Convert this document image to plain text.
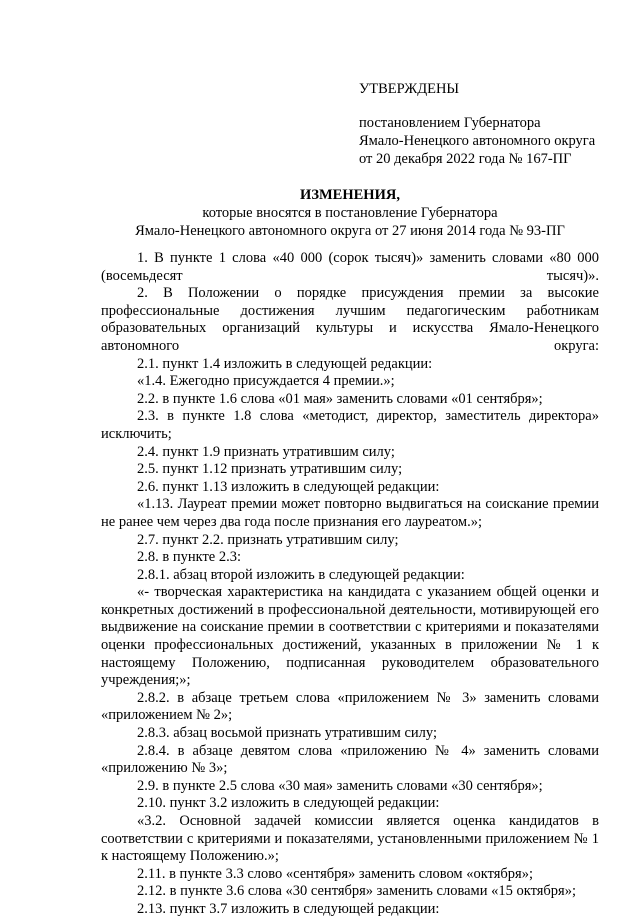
УТВЕРЖДЕНЫ

постановлением Губернатора

Ямало-Ненецкого автономного округа

от 20 декабря 2022 года № 167-ПГ

ИЗМЕНЕНИЯ,

которые вносятся в постановление Губернатора

Ямало-Ненецкого автономного округа от 27 июня 2014 года № 93-ПГ

1. В пункте 1 слова «40 000 (сорок тысяч)» заменить словами «80 000 (восемьдесят тысяч)».

2. В Положении о порядке присуждения премии за высокие профессиональные достижения лучшим педагогическим работникам образовательных организаций культуры и искусства Ямало-Ненецкого автономного округа:

2.1. пункт 1.4 изложить в следующей редакции:

«1.4. Ежегодно присуждается 4 премии.»;

2.2. в пункте 1.6 слова «01 мая» заменить словами «01 сентября»;

2.3. в пункте 1.8 слова «методист, директор, заместитель директора» исключить;

2.4. пункт 1.9 признать утратившим силу;

2.5. пункт 1.12 признать утратившим силу;

2.6. пункт 1.13 изложить в следующей редакции:

«1.13. Лауреат премии может повторно выдвигаться на соискание премии не ранее чем через два года после признания его лауреатом.»;

2.7. пункт 2.2. признать утратившим силу;

2.8. в пункте 2.3:

2.8.1. абзац второй изложить в следующей редакции:

«- творческая характеристика на кандидата с указанием общей оценки и конкретных достижений в профессиональной деятельности, мотивирующей его выдвижение на соискание премии в соответствии с критериями и показателями оценки профессиональных достижений, указанных в приложении № 1 к настоящему Положению, подписанная руководителем образовательного учреждения;»;

2.8.2. в абзаце третьем слова «приложением № 3» заменить словами «приложением № 2»;

2.8.3. абзац восьмой признать утратившим силу;

2.8.4. в абзаце девятом слова «приложению № 4» заменить словами «приложению № 3»;

2.9. в пункте 2.5 слова «30 мая» заменить словами «30 сентября»;

2.10. пункт 3.2 изложить в следующей редакции:

«3.2. Основной задачей комиссии является оценка кандидатов в соответствии с критериями и показателями, установленными приложением № 1 к настоящему Положению.»;

2.11. в пункте 3.3 слово «сентября» заменить словом «октября»;

2.12. в пункте 3.6 слова «30 сентября» заменить словами «15 октября»;

2.13. пункт 3.7 изложить в следующей редакции:
